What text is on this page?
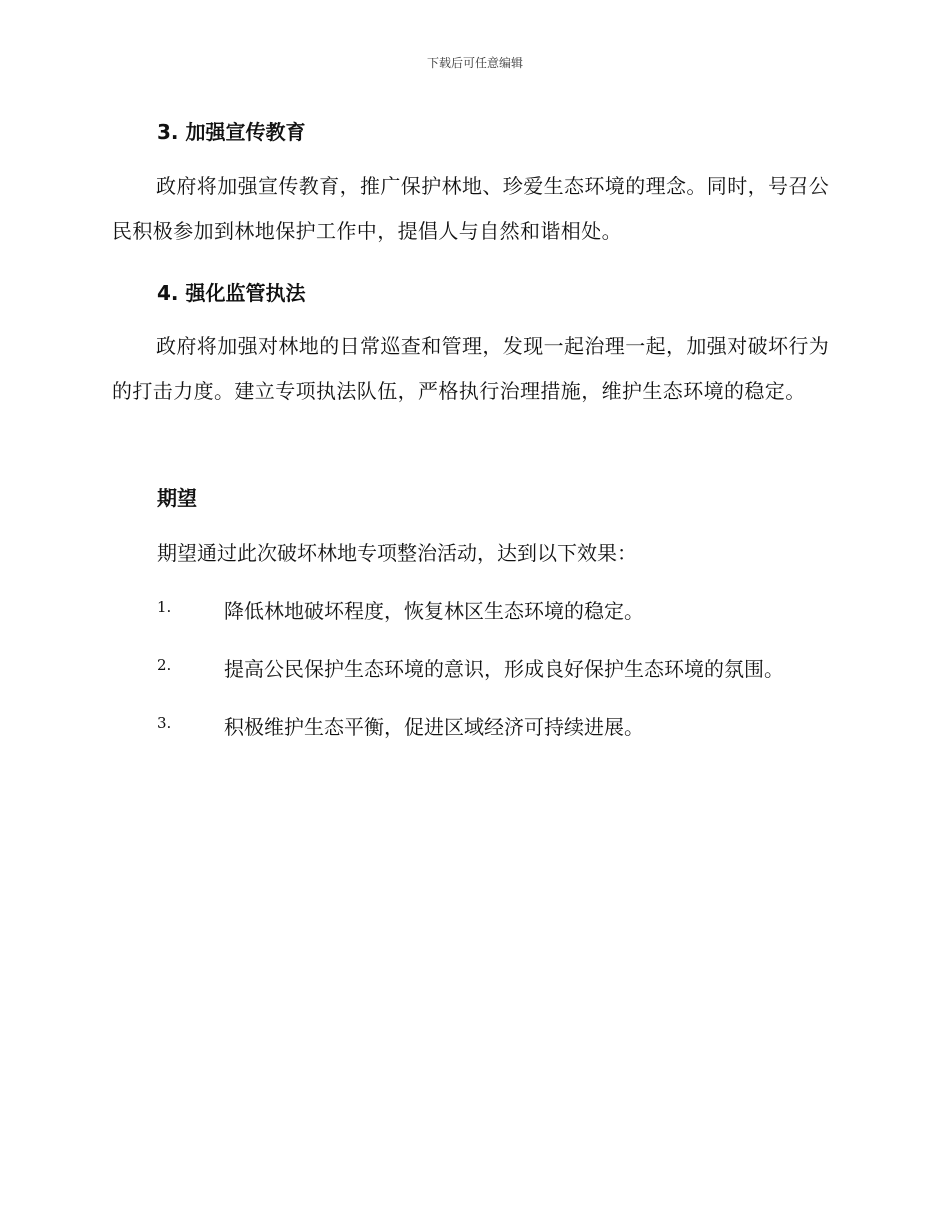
下载后可任意编辑
3. 加强宣传教育

政府将加强宣传教育，推广保护林地、珍爱生态环境的理念。同时，号召公民积极参加到林地保护工作中，提倡人与自然和谐相处。

4. 强化监管执法

政府将加强对林地的日常巡查和管理，发现一起治理一起，加强对破坏行为的打击力度。建立专项执法队伍，严格执行治理措施，维护生态环境的稳定。

期望
期望通过此次破坏林地专项整治活动，达到以下效果：
1.	降低林地破坏程度，恢复林区生态环境的稳定。
2.	提高公民保护生态环境的意识，形成良好保护生态环境的氛围。
3.	积极维护生态平衡，促进区域经济可持续进展。
